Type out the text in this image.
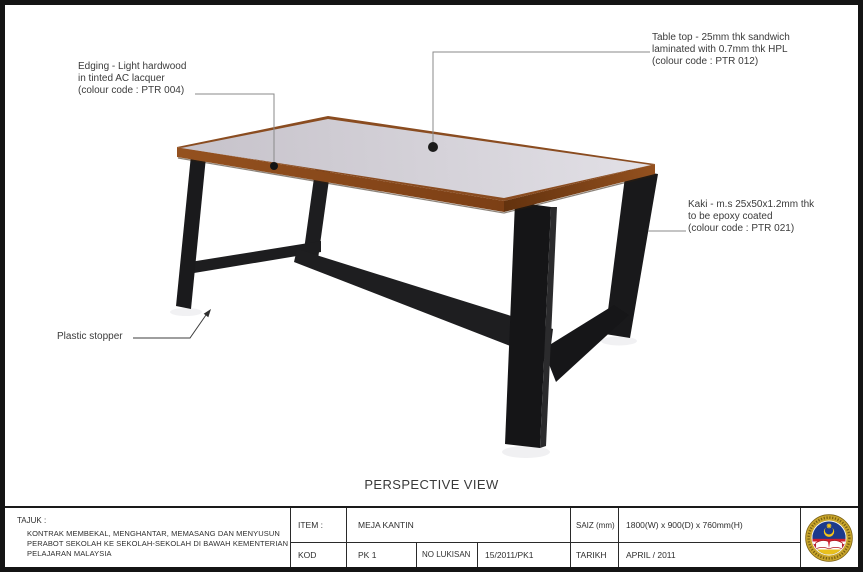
Table top - 25mm thk sandwich
laminated with 0.7mm thk HPL
(colour code : PTR 012)
Edging - Light hardwood
in tinted AC lacquer
(colour code : PTR 004)
Kaki - m.s 25x50x1.2mm thk
to be epoxy coated
(colour code : PTR 021)
Plastic stopper
PERSPECTIVE VIEW
TAJUK :
KONTRAK MEMBEKAL, MENGHANTAR, MEMASANG DAN MENYUSUN
PERABOT SEKOLAH KE SEKOLAH-SEKOLAH DI BAWAH KEMENTERIAN
PELAJARAN MALAYSIA
ITEM :	MEJA KANTIN	SAIZ (mm)	1800(W) x 900(D) x 760mm(H)
KOD	PK 1	NO LUKISAN	15/2011/PK1	TARIKH	APRIL / 2011
